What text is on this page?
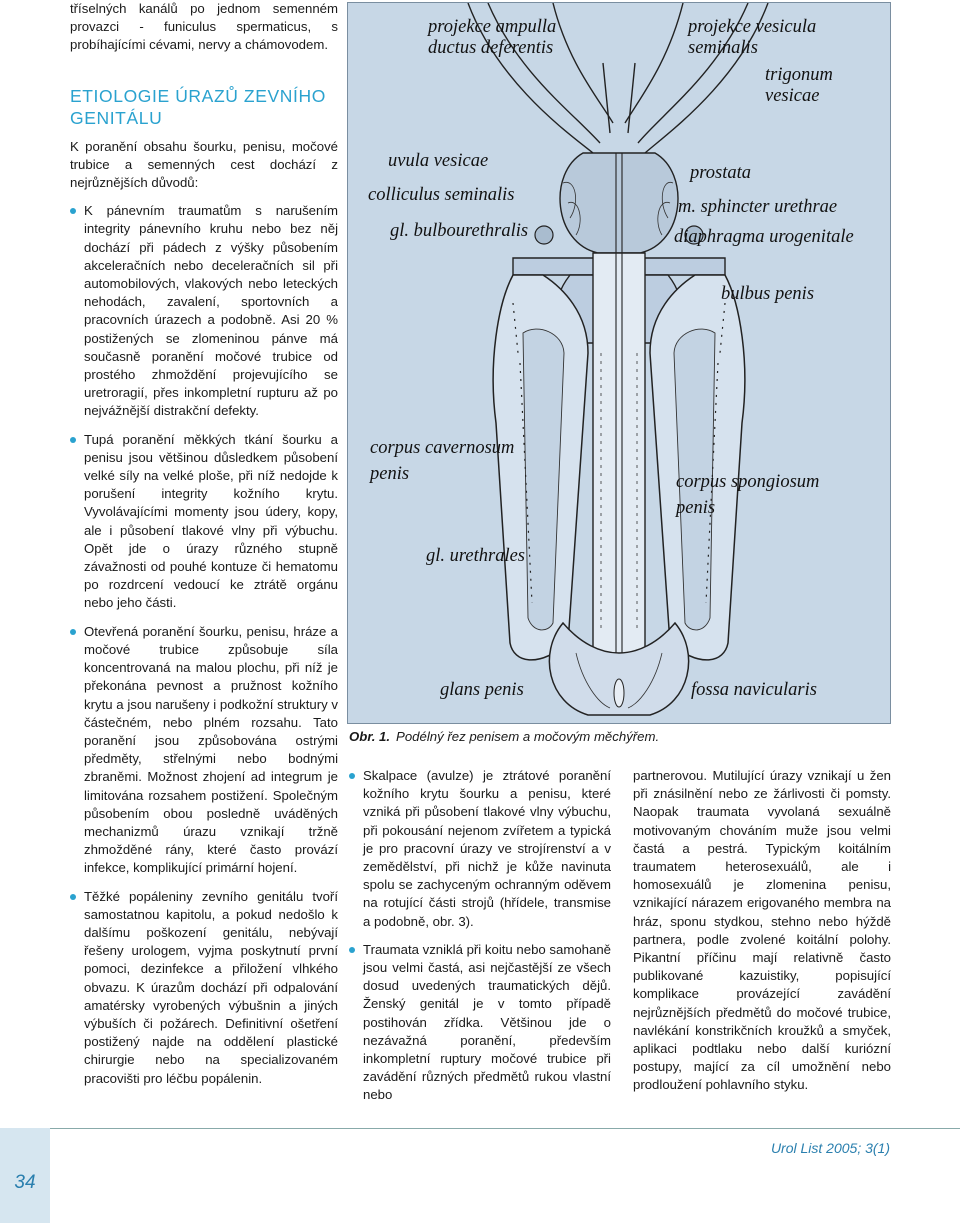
tříselných kanálů po jednom semenném provazci - funiculus spermaticus, s probíhajícími cévami, nervy a chámovodem.

ETIOLOGIE ÚRAZŮ ZEVNÍHO GENITÁLU

K poranění obsahu šourku, penisu, močové trubice a semenných cest dochází z nejrůznějších důvodů:

K pánevním traumatům s narušením integrity pánevního kruhu nebo bez něj dochází při pádech z výšky působením akceleračních nebo deceleračních sil při automobilových, vlakových nebo leteckých nehodách, zavalení, sportovních a pracovních úrazech a podobně. Asi 20 % postižených se zlomeninou pánve má současně poranění močové trubice od prostého zhmoždění projevujícího se uretroragií, přes inkompletní rupturu až po nejvážnější distrakční defekty.
Tupá poranění měkkých tkání šourku a penisu jsou většinou důsledkem působení velké síly na velké ploše, při níž nedojde k porušení integrity kožního krytu. Vyvolávajícími momenty jsou údery, kopy, ale i působení tlakové vlny při výbuchu. Opět jde o úrazy různého stupně závažnosti od pouhé kontuze či hematomu po rozdrcení vedoucí ke ztrátě orgánu nebo jeho části.
Otevřená poranění šourku, penisu, hráze a močové trubice způsobuje síla koncentrovaná na malou plochu, při níž je překonána pevnost a pružnost kožního krytu a jsou narušeny i podkožní struktury v částečném, nebo plném rozsahu. Tato poranění jsou způsobována ostrými předměty, střelnými nebo bodnými zbraněmi. Možnost zhojení ad integrum je limitována rozsahem postižení. Společným působením obou posledně uváděných mechanizmů úrazu vznikají tržně zhmožděné rány, které často provází infekce, komplikující primární hojení.
Těžké popáleniny zevního genitálu tvoří samostatnou kapitolu, a pokud nedošlo k dalšímu poškození genitálu, nebývají řešeny urologem, vyjma poskytnutí první pomoci, dezinfekce a přiložení vlhkého obvazu. K úrazům dochází při odpalování amatérsky vyrobených výbušnin a jiných výbuších či požárech. Definitivní ošetření postižený najde na oddělení plastické chirurgie nebo na specializovaném pracovišti pro léčbu popálenin.
projekce ampulla ductus deferentis
projekce vesicula seminalis
trigonum vesicae
uvula vesicae
colliculus seminalis
gl. bulbourethralis
prostata
m. sphincter urethrae
diaphragma urogenitale
bulbus penis
corpus cavernosum penis	corpus spongiosum penis
gl. urethrales
glans penis	fossa navicularis
Obr. 1. Podélný řez penisem a močovým měchýřem.
Skalpace (avulze) je ztrátové poranění kožního krytu šourku a penisu, které vzniká při působení tlakové vlny výbuchu, při pokousání nejenom zvířetem a typická je pro pracovní úrazy ve strojírenství a v zemědělství, při nichž je kůže navinuta spolu se zachyceným ochranným oděvem na rotující části strojů (hřídele, transmise a podobně, obr. 3).
Traumata vzniklá při koitu nebo samohaně jsou velmi častá, asi nejčastější ze všech dosud uvedených traumatických dějů. Ženský genitál je v tomto případě postihován zřídka. Většinou jde o nezávažná poranění, především inkompletní ruptury močové trubice při zavádění různých předmětů rukou vlastní nebo

partnerovou. Mutilující úrazy vznikají u žen při znásilnění nebo ze žárlivosti či pomsty. Naopak traumata vyvolaná sexuálně motivovaným chováním muže jsou velmi častá a pestrá. Typickým koitálním traumatem heterosexuálů, ale i homosexuálů je zlomenina penisu, vznikající nárazem erigovaného membra na hráz, sponu stydkou, stehno nebo hýždě partnera, podle zvolené koitální polohy. Pikantní příčinu mají relativně často publikované kazuistiky, popisující komplikace provázející zavádění nejrůznějších předmětů do močové trubice, navlékání konstrikčních kroužků a smyček, aplikaci podtlaku nebo další kuriózní postupy, mající za cíl umožnění nebo prodloužení pohlavního styku.

34
Urol List 2005; 3(1)
